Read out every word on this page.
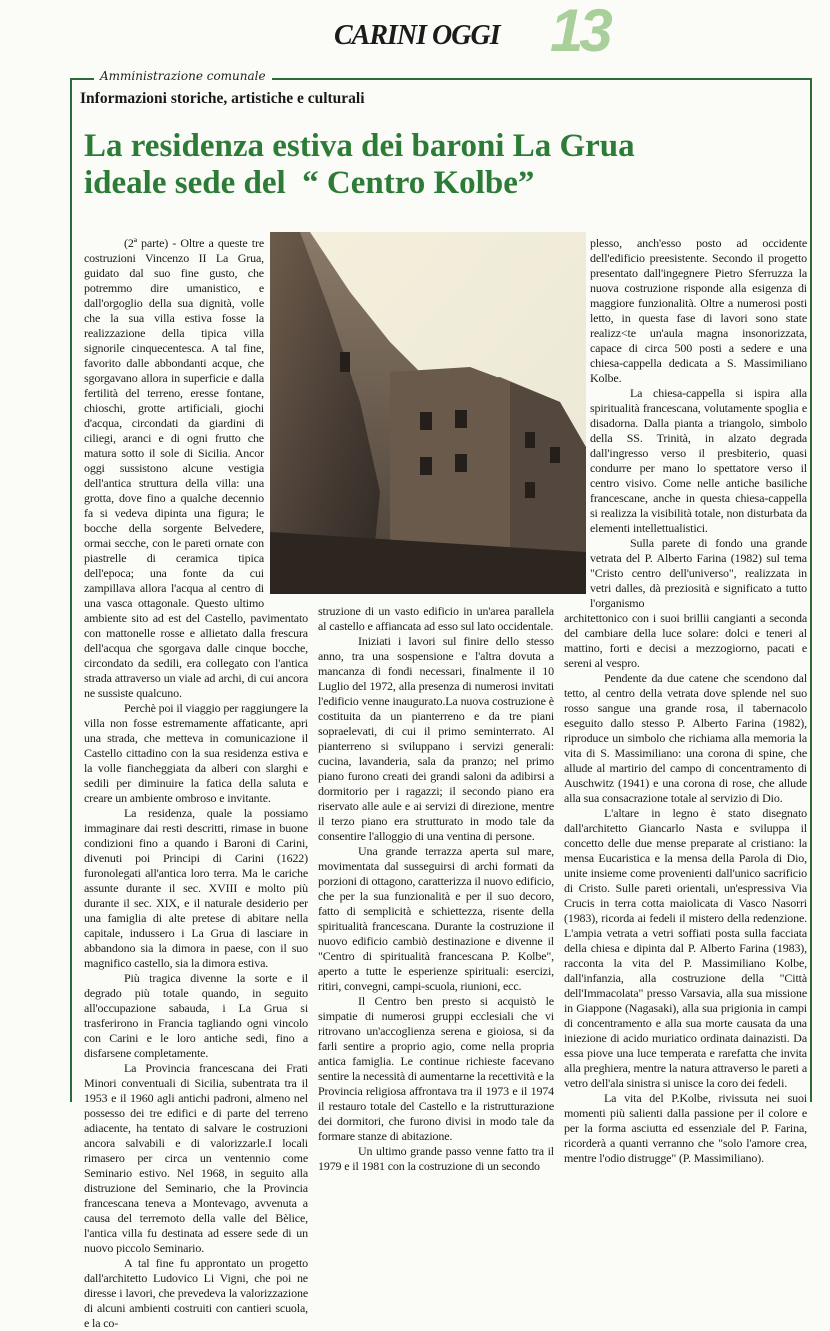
CARINI OGGI 13
Amministrazione comunale
Informazioni storiche, artistiche e culturali
La residenza estiva dei baroni La Grua
ideale sede del  “ Centro Kolbe”

(2ª parte) - Oltre a queste tre costruzioni Vincenzo II La Grua, guidato dal suo fine gusto, che potremmo dire umanistico, e dall'orgoglio della sua dignità, volle che la sua villa estiva fosse la realizzazione della tipica villa signorile cinquecentesca. A tal fine, favorito dalle abbondanti acque, che sgorgavano allora in superficie e dalla fertilità del terreno, eresse fontane, chioschi, grotte artificiali, giochi d'acqua, circondati da giardini di ciliegi, aranci e di ogni frutto che matura sotto il sole di Sicilia. Ancor oggi sussistono alcune vestigia dell'antica struttura della villa: una grotta, dove fino a qualche decennio fa si vedeva dipinta una figura; le bocche della sorgente Belvedere, ormai secche, con le pareti ornate con piastrelle di ceramica tipica dell'epoca; una fonte da cui zampillava allora l'acqua al centro di una vasca ottagonale. Questo ultimo ambiente sito ad est del Castello, pavimentato con mattonelle rosse e allietato dalla frescura dell'acqua che sgorgava dalle cinque bocche, circondato da sedili, era collegato con l'antica strada attraverso un viale ad archi, di cui ancora ne sussiste qualcuno.

Perchè poi il viaggio per raggiungere la villa non fosse estremamente affaticante, apri una strada, che metteva in comunicazione il Castello cittadino con la sua residenza estiva e la volle fiancheggiata da alberi con slarghi e sedili per diminuire la fatica della saluta e creare un ambiente ombroso e invitante.

La residenza, quale la possiamo immaginare dai resti descritti, rimase in buone condizioni fino a quando i Baroni di Carini, divenuti poi Principi di Carini (1622) furonolegati all'antica loro terra. Ma le cariche assunte durante il sec. XVIII e molto più durante il sec. XIX, e il naturale desiderio per una famiglia di alte pretese di abitare nella capitale, indussero i La Grua di lasciare in abbandono sia la dimora in paese, con il suo magnifico castello, sia la dimora estiva.

Più tragica divenne la sorte e il degrado più totale quando, in seguito all'occupazione sabauda, i La Grua si trasferirono in Francia tagliando ogni vincolo con Carini e le loro antiche sedi, fino a disfarsene completamente.

La Provincia francescana dei Frati Minori conventuali di Sicilia, subentrata tra il 1953 e il 1960 agli antichi padroni, almeno nel possesso dei tre edifici e di parte del terreno adiacente, ha tentato di salvare le costruzioni ancora salvabili e di valorizzarle.I locali rimasero per circa un ventennio come Seminario estivo. Nel 1968, in seguito alla distruzione del Seminario, che la Provincia francescana teneva a Montevago, avvenuta a causa del terremoto della valle del Bèlice, l'antica villa fu destinata ad essere sede di un nuovo piccolo Seminario.

A tal fine fu approntato un progetto dall'architetto Ludovico Li Vigni, che poi ne diresse i lavori, che prevedeva la valorizzazione di alcuni ambienti costruiti con cantieri scuola, e la co-

struzione di un vasto edificio in un'area parallela al castello e affiancata ad esso sul lato occidentale.

Iniziati i lavori sul finire dello stesso anno, tra una sospensione e l'altra dovuta a mancanza di fondi necessari, finalmente il 10 Luglio del 1972, alla presenza di numerosi invitati l'edificio venne inaugurato.La nuova costruzione è costituita da un pianterreno e da tre piani sopraelevati, di cui il primo seminterrato. Al pianterreno si sviluppano i servizi generali: cucina, lavanderia, sala da pranzo; nel primo piano furono creati dei grandi saloni da adibirsi a dormitorio per i ragazzi; il secondo piano era riservato alle aule e ai servizi di direzione, mentre il terzo piano era strutturato in modo tale da consentire l'alloggio di una ventina di persone.

Una grande terrazza aperta sul mare, movimentata dal susseguirsi di archi formati da porzioni di ottagono, caratterizza il nuovo edificio, che per la sua funzionalità e per il suo decoro, fatto di semplicità e schiettezza, risente della spiritualità francescana. Durante la costruzione il nuovo edificio cambiò destinazione e divenne il "Centro di spiritualità francescana P. Kolbe", aperto a tutte le esperienze spirituali: esercizi, ritiri, convegni, campi-scuola, riunioni, ecc.

Il Centro ben presto si acquistò le simpatie di numerosi gruppi ecclesiali che vi ritrovano un'accoglienza serena e gioiosa, si da farli sentire a proprio agio, come nella propria antica famiglia. Le continue richieste facevano sentire la necessità di aumentarne la recettività e la Provincia religiosa affrontava tra il 1973 e il 1974 il restauro totale del Castello e la ristrutturazione dei dormitori, che furono divisi in modo tale da formare stanze di abitazione.

Un ultimo grande passo venne fatto tra il 1979 e il 1981 con la costruzione di un secondo

plesso, anch'esso posto ad occidente dell'edificio preesistente. Secondo il progetto presentato dall'ingegnere Pietro Sferruzza la nuova costruzione risponde alla esigenza di maggiore funzionalità. Oltre a numerosi posti letto, in questa fase di lavori sono state realizz<te un'aula magna insonorizzata, capace di circa 500 posti a sedere e una chiesa-cappella dedicata a S. Massimiliano Kolbe.

La chiesa-cappella si ispira alla spiritualità francescana, volutamente spoglia e disadorna. Dalla pianta a triangolo, simbolo della SS. Trinità, in alzato degrada dall'ingresso verso il presbiterio, quasi condurre per mano lo spettatore verso il centro visivo. Come nelle antiche basiliche francescane, anche in questa chiesa-cappella si realizza la visibilità totale, non disturbata da elementi intellettualistici.

Sulla parete di fondo una grande vetrata del P. Alberto Farina (1982) sul tema "Cristo centro dell'universo", realizzata in vetri dalles, dà preziosità e significato a tutto l'organismo

architettonico con i suoi brillii cangianti a seconda del cambiare della luce solare: dolci e teneri al mattino, forti e decisi a mezzogiorno, pacati e sereni al vespro.

Pendente da due catene che scendono dal tetto, al centro della vetrata dove splende nel suo rosso sangue una grande rosa, il tabernacolo eseguito dallo stesso P. Alberto Farina (1982), riproduce un simbolo che richiama alla memoria la vita di S. Massimiliano: una corona di spine, che allude al martirio del campo di concentramento di Auschwitz (1941) e una corona di rose, che allude alla sua consacrazione totale al servizio di Dio.

L'altare in legno è stato disegnato dall'architetto Giancarlo Nasta e sviluppa il concetto delle due mense preparate al cristiano: la mensa Eucaristica e la mensa della Parola di Dio, unite insieme come provenienti dall'unico sacrificio di Cristo. Sulle pareti orientali, un'espressiva Via Crucis in terra cotta maiolicata di Vasco Nasorri (1983), ricorda ai fedeli il mistero della redenzione. L'ampia vetrata a vetri soffiati posta sulla facciata della chiesa e dipinta dal P. Alberto Farina (1983), racconta la vita del P. Massimiliano Kolbe, dall'infanzia, alla costruzione della "Città dell'Immacolata" presso Varsavia, alla sua missione in Giappone (Nagasaki), alla sua prigionia in campi di concentramento e alla sua morte causata da una iniezione di acido muriatico ordinata dainazisti. Da essa piove una luce temperata e rarefatta che invita alla preghiera, mentre la natura attraverso le pareti a vetro dell'ala sinistra si unisce la coro dei fedeli.

La vita del P.Kolbe, rivissuta nei suoi momenti più salienti dalla passione per il colore e per la forma asciutta ed essenziale del P. Farina, ricorderà a quanti verranno che "solo l'amore crea, mentre l'odio distrugge" (P. Massimiliano).
